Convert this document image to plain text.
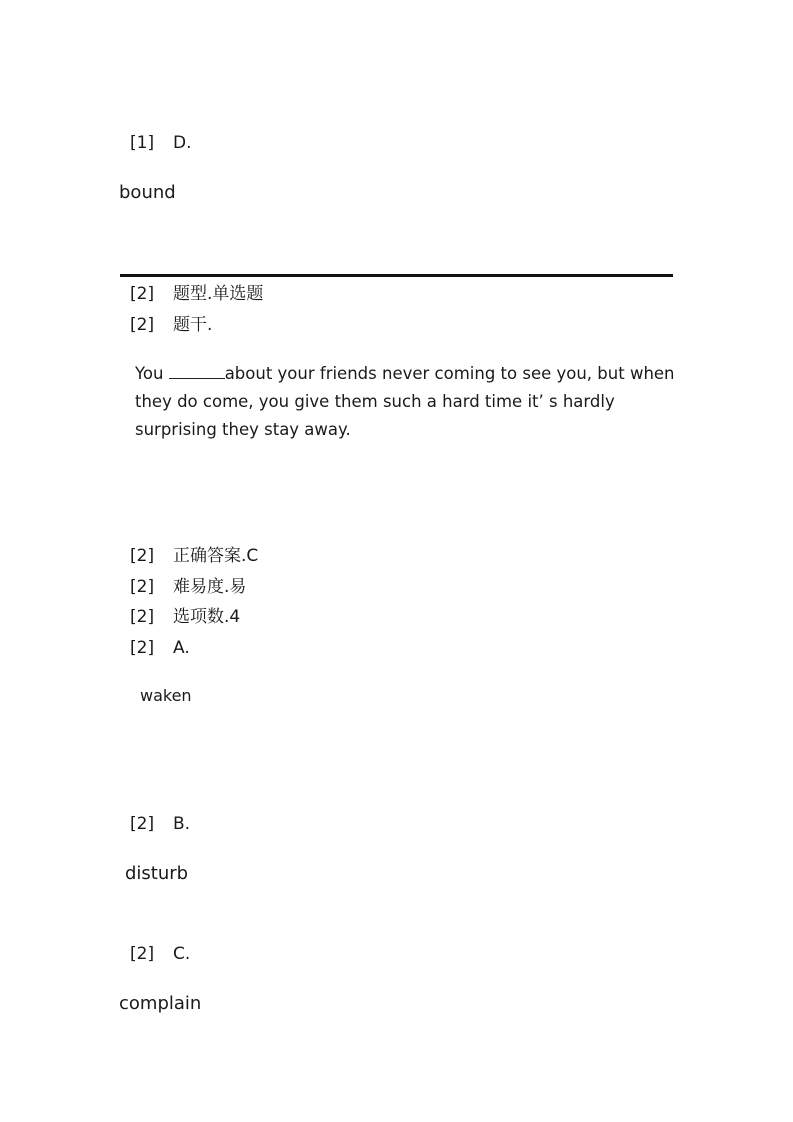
[1] D.
bound
[2] 题型.单选题
[2] 题干.
You	about your friends never coming to see you, but when they do come, you give them such a hard time it’ s hardly surprising they stay away.
[2] 正确答案.C
[2] 难易度.易
[2] 选项数.4
[2] A.
waken
[2] B.
disturb
[2] C.
complain
